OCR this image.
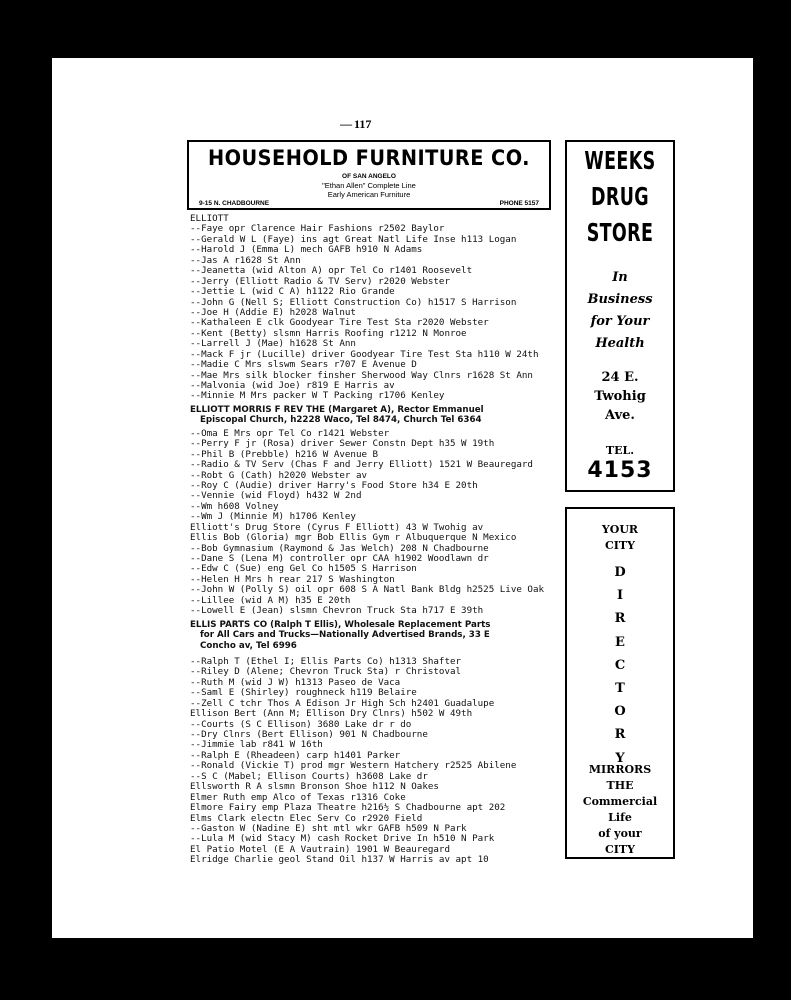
— 117
HOUSEHOLD FURNITURE CO.
OF SAN ANGELO
"Ethan Allen" Complete Line
Early American Furniture
9-15 N. CHADBOURNE	PHONE 5157
WEEKS
DRUG
STORE
In
Business
for Your
Health
24 E.
Twohig
Ave.
TEL.
4153
YOUR
CITY
D
I
R
E
C
T
O
R
Y
MIRRORS
THE
Commercial
Life
of your
CITY
ELLIOTT
--Faye opr Clarence Hair Fashions r2502 Baylor
--Gerald W L (Faye) ins agt Great Natl Life Inse h113 Logan
--Harold J (Emma L) mech GAFB h910 N Adams
--Jas A r1628 St Ann
--Jeanetta (wid Alton A) opr Tel Co r1401 Roosevelt
--Jerry (Elliott Radio & TV Serv) r2020 Webster
--Jettie L (wid C A) h1122 Rio Grande
--John G (Nell S; Elliott Construction Co) h1517 S Harrison
--Joe H (Addie E) h2028 Walnut
--Kathaleen E clk Goodyear Tire Test Sta r2020 Webster
--Kent (Betty) slsmn Harris Roofing r1212 N Monroe
--Larrell J (Mae) h1628 St Ann
--Mack F jr (Lucille) driver Goodyear Tire Test Sta h110 W 24th
--Madie C Mrs slswm Sears r707 E Avenue D
--Mae Mrs silk blocker finsher Sherwood Way Clnrs r1628 St Ann
--Malvonia (wid Joe) r819 E Harris av
--Minnie M Mrs packer W T Packing r1706 Kenley
ELLIOTT MORRIS F REV THE (Margaret A), Rector Emmanuel
Episcopal Church, h2228 Waco, Tel 8474, Church Tel 6364
--Oma E Mrs opr Tel Co r1421 Webster
--Perry F jr (Rosa) driver Sewer Constn Dept h35 W 19th
--Phil B (Prebble) h216 W Avenue B
--Radio & TV Serv (Chas F and Jerry Elliott) 1521 W Beauregard
--Robt G (Cath) h2020 Webster av
--Roy C (Audie) driver Harry's Food Store h34 E 20th
--Vennie (wid Floyd) h432 W 2nd
--Wm h608 Volney
--Wm J (Minnie M) h1706 Kenley
Elliott's Drug Store (Cyrus F Elliott) 43 W Twohig av
Ellis Bob (Gloria) mgr Bob Ellis Gym r Albuquerque N Mexico
--Bob Gymnasium (Raymond & Jas Welch) 208 N Chadbourne
--Dane S (Lena M) controller opr CAA h1902 Woodlawn dr
--Edw C (Sue) eng Gel Co h1505 S Harrison
--Helen H Mrs h rear 217 S Washington
--John W (Polly S) oil opr 608 S A Natl Bank Bldg h2525 Live Oak
--Lillee (wid A M) h35 E 20th
--Lowell E (Jean) slsmn Chevron Truck Sta h717 E 39th
ELLIS PARTS CO (Ralph T Ellis), Wholesale Replacement Parts
for All Cars and Trucks—Nationally Advertised Brands, 33 E
Concho av, Tel 6996
--Ralph T (Ethel I; Ellis Parts Co) h1313 Shafter
--Riley D (Alene; Chevron Truck Sta) r Christoval
--Ruth M (wid J W) h1313 Paseo de Vaca
--Saml E (Shirley) roughneck h119 Belaire
--Zell C tchr Thos A Edison Jr High Sch h2401 Guadalupe
Ellison Bert (Ann M; Ellison Dry Clnrs) h502 W 49th
--Courts (S C Ellison) 3680 Lake dr r do
--Dry Clnrs (Bert Ellison) 901 N Chadbourne
--Jimmie lab r841 W 16th
--Ralph E (Rheadeen) carp h1401 Parker
--Ronald (Vickie T) prod mgr Western Hatchery r2525 Abilene
--S C (Mabel; Ellison Courts) h3608 Lake dr
Ellsworth R A slsmn Bronson Shoe h112 N Oakes
Elmer Ruth emp Alco of Texas r1316 Coke
Elmore Fairy emp Plaza Theatre h216½ S Chadbourne apt 202
Elms Clark electn Elec Serv Co r2920 Field
--Gaston W (Nadine E) sht mtl wkr GAFB h509 N Park
--Lula M (wid Stacy M) cash Rocket Drive In h510 N Park
El Patio Motel (E A Vautrain) 1901 W Beauregard
Elridge Charlie geol Stand Oil h137 W Harris av apt 10
